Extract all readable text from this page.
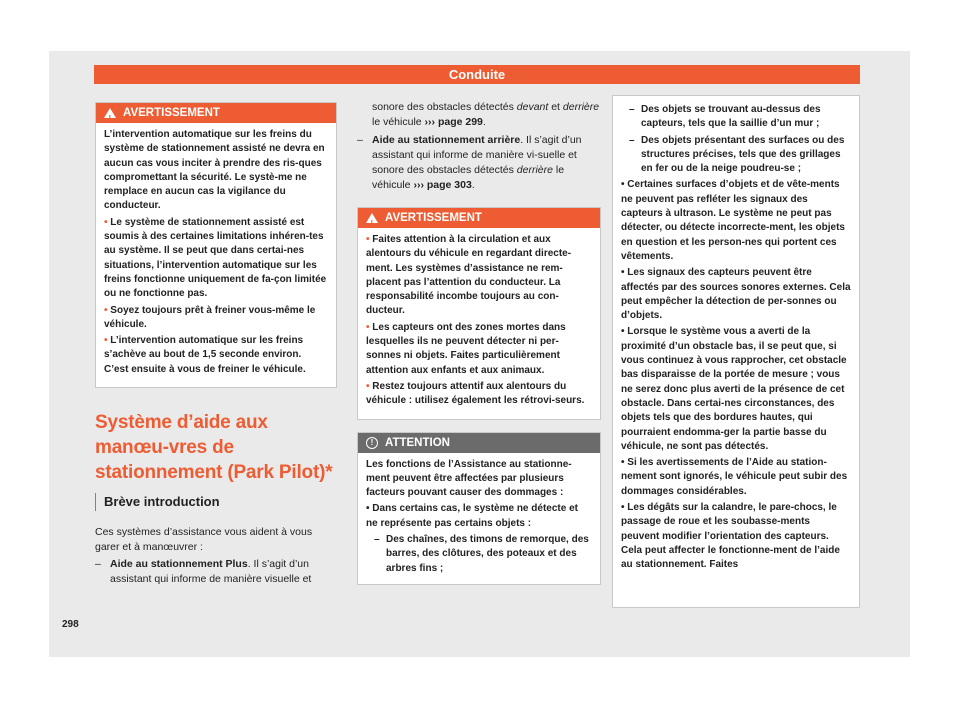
Conduite
!
AVERTISSEMENT

L’intervention automatique sur les freins du système de stationnement assisté ne devra en aucun cas vous inciter à prendre des ris-ques compromettant la sécurité. Le systè-me ne remplace en aucun cas la vigilance du conducteur.

• Le système de stationnement assisté est soumis à des certaines limitations inhéren-tes au système. Il se peut que dans certai-nes situations, l’intervention automatique sur les freins fonctionne uniquement de fa-çon limitée ou ne fonctionne pas.

• Soyez toujours prêt à freiner vous-même le véhicule.

• L’intervention automatique sur les freins s’achève au bout de 1,5 seconde environ. C’est ensuite à vous de freiner le véhicule.

Système d’aide aux manœu-vres de stationnement (Park Pilot)*
Brève introduction

Ces systèmes d’assistance vous aident à vous garer et à manœuvrer :

– Aide au stationnement Plus. Il s’agit d’un assistant qui informe de manière visuelle et
298
sonore des obstacles détectés devant et derrière le véhicule ››› page 299.
– Aide au stationnement arrière. Il s’agit d’un assistant qui informe de manière vi-suelle et sonore des obstacles détectés derrière le véhicule ››› page 303.
!
AVERTISSEMENT

• Faites attention à la circulation et aux alentours du véhicule en regardant directe-ment. Les systèmes d’assistance ne rem-placent pas l’attention du conducteur. La responsabilité incombe toujours au con-ducteur.

• Les capteurs ont des zones mortes dans lesquelles ils ne peuvent détecter ni per-sonnes ni objets. Faites particulièrement attention aux enfants et aux animaux.

• Restez toujours attentif aux alentours du véhicule : utilisez également les rétrovi-seurs.

!	ATTENTION

Les fonctions de l’Assistance au stationne-ment peuvent être affectées par plusieurs facteurs pouvant causer des dommages :

• Dans certains cas, le système ne détecte et ne représente pas certains objets :

– Des chaînes, des timons de remorque, des barres, des clôtures, des poteaux et des arbres fins ;
– Des objets se trouvant au-dessus des capteurs, tels que la saillie d’un mur ;
– Des objets présentant des surfaces ou des structures précises, tels que des grillages en fer ou de la neige poudreu-se ;

• Certaines surfaces d’objets et de vête-ments ne peuvent pas refléter les signaux des capteurs à ultrason. Le système ne peut pas détecter, ou détecte incorrecte-ment, les objets en question et les person-nes qui portent ces vêtements.

• Les signaux des capteurs peuvent être affectés par des sources sonores externes. Cela peut empêcher la détection de per-sonnes ou d’objets.

• Lorsque le système vous a averti de la proximité d’un obstacle bas, il se peut que, si vous continuez à vous rapprocher, cet obstacle bas disparaisse de la portée de mesure ; vous ne serez donc plus averti de la présence de cet obstacle. Dans certai-nes circonstances, des objets tels que des bordures hautes, qui pourraient endomma-ger la partie basse du véhicule, ne sont pas détectés.

• Si les avertissements de l’Aide au station-nement sont ignorés, le véhicule peut subir des dommages considérables.

• Les dégâts sur la calandre, le pare-chocs, le passage de roue et les soubasse-ments peuvent modifier l’orientation des capteurs. Cela peut affecter le fonctionne-ment de l’aide au stationnement. Faites
